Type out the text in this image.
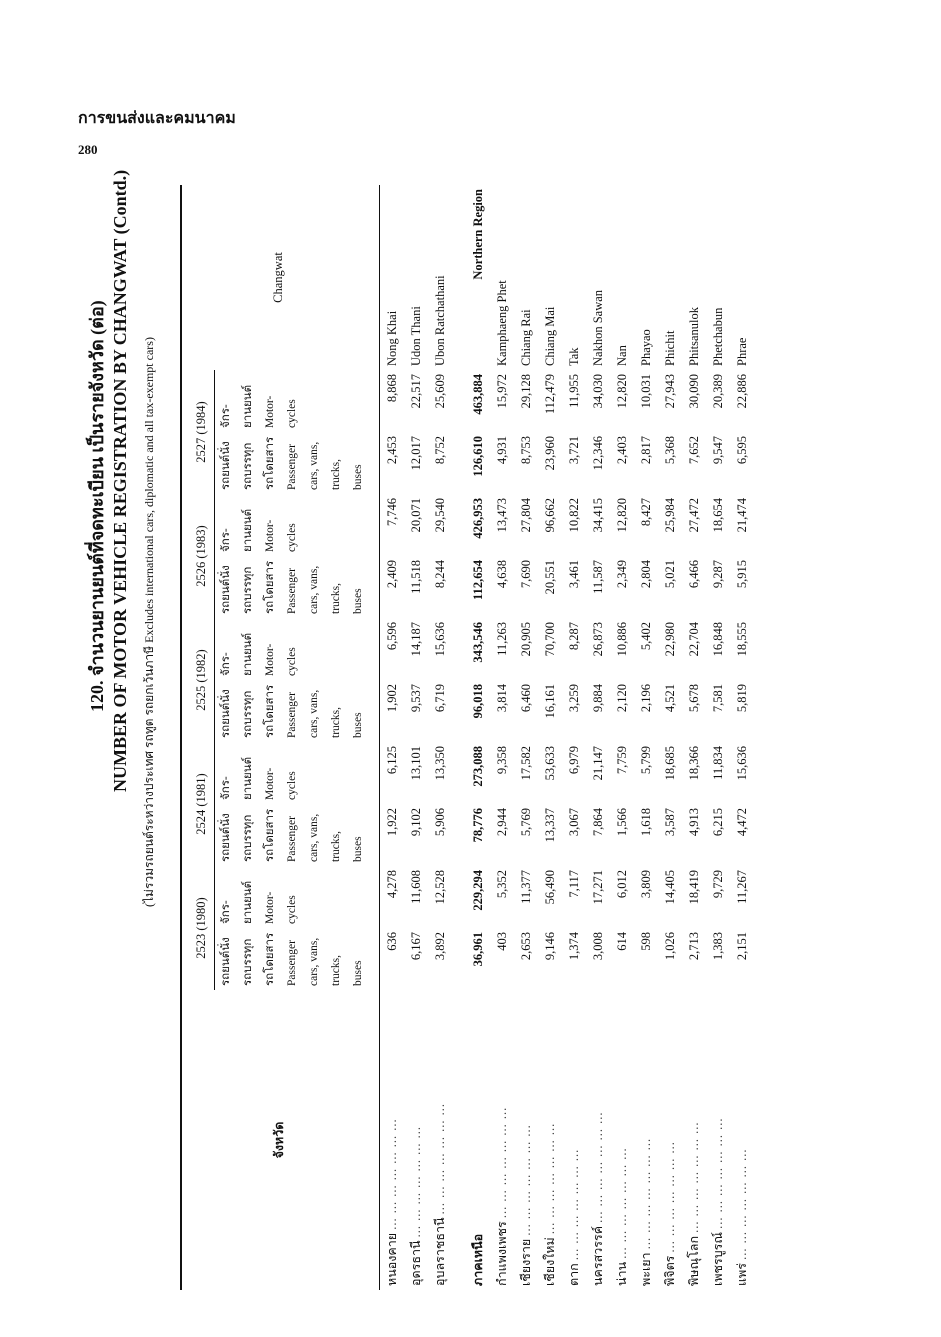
การขนส่งและคมนาคม
280
120. จำนวนยานยนต์ที่จดทะเบียน เป็นรายจังหวัด (ต่อ) NUMBER OF MOTOR VEHICLE REGISTRATION BY CHANGWAT (Contd.) (ไม่รวมรถยนต์ระหว่างประเทศ รถทูต รถยกเว้นภาษี Excludes international cars, diplomatic and all tax-exempt cars)

จังหวัด	2523 (1980)		2524 (1981)		2525 (1982)		2526 (1983)		2527 (1984)		Changwat
	รถยนต์นั่ง	จักร-	รถยนต์นั่ง	จักร-	รถยนต์นั่ง	จักร-	รถยนต์นั่ง	จักร-	รถยนต์นั่ง	จักร-	
	รถบรรทุก	ยานยนต์	รถบรรทุก	ยานยนต์	รถบรรทุก	ยานยนต์	รถบรรทุก	ยานยนต์	รถบรรทุก	ยานยนต์	
	รถโดยสาร	Motor-	รถโดยสาร	Motor-	รถโดยสาร	Motor-	รถโดยสาร	Motor-	รถโดยสาร	Motor-	
	Passenger	cycles	Passenger	cycles	Passenger	cycles	Passenger	cycles	Passenger	cycles	
	cars, vans,		cars, vans,		cars, vans,		cars, vans,		cars, vans,		
	trucks,		trucks,		trucks,		trucks,		trucks,		
	buses		buses		buses		buses		buses		

หนองคาย ... ... ... ... ... ... ...	636	4,278	1,922	6,125	1,902	6,596	2,409	7,746	2,453	8,868	Nong Khai
อุดรธานี ... ... ... ... ... ... ...	6,167	11,608	9,102	13,101	9,537	14,187	11,518	20,071	12,017	22,517	Udon Thani
อุบลราชธานี ... ... ... ... ... ... ...	3,892	12,528	5,906	13,350	6,719	15,636	8,244	29,540	8,752	25,609	Ubon Ratchathani

ภาคเหนือ	36,961	229,294	78,776	273,088	96,018	343,546	112,654	426,953	126,610	463,884	Northern Region
กำแพงเพชร ... ... ... ... ... ... ...	403	5,352	2,944	9,358	3,814	11,263	4,638	13,473	4,931	15,972	Kamphaeng Phet
เชียงราย ... ... ... ... ... ... ...	2,653	11,377	5,769	17,582	6,460	20,905	7,690	27,804	8,753	29,128	Chiang Rai
เชียงใหม่ ... ... ... ... ... ... ...	9,146	56,490	13,337	53,633	16,161	70,700	20,551	96,662	23,960	112,479	Chiang Mai
ตาก ... ... ... ... ... ... ...	1,374	7,117	3,067	6,979	3,259	8,287	3,461	10,822	3,721	11,955	Tak
นครสวรรค์ ... ... ... ... ... ... ...	3,008	17,271	7,864	21,147	9,884	26,873	11,587	34,415	12,346	34,030	Nakhon Sawan
น่าน ... ... ... ... ... ... ...	614	6,012	1,566	7,759	2,120	10,886	2,349	12,820	2,403	12,820	Nan
พะเยา ... ... ... ... ... ... ...	598	3,809	1,618	5,799	2,196	5,402	2,804	8,427	2,817	10,031	Phayao
พิจิตร ... ... ... ... ... ... ...	1,026	14,405	3,587	18,685	4,521	22,980	5,021	25,984	5,368	27,943	Phichit
พิษณุโลก ... ... ... ... ... ... ...	2,713	18,419	4,913	18,366	5,678	22,704	6,466	27,472	7,652	30,090	Phitsanulok
เพชรบูรณ์ ... ... ... ... ... ... ...	1,383	9,729	6,215	11,834	7,581	16,848	9,287	18,654	9,547	20,389	Phetchabun
แพร่ ... ... ... ... ... ... ...	2,151	11,267	4,472	15,636	5,819	18,555	5,915	21,474	6,595	22,886	Phrae
